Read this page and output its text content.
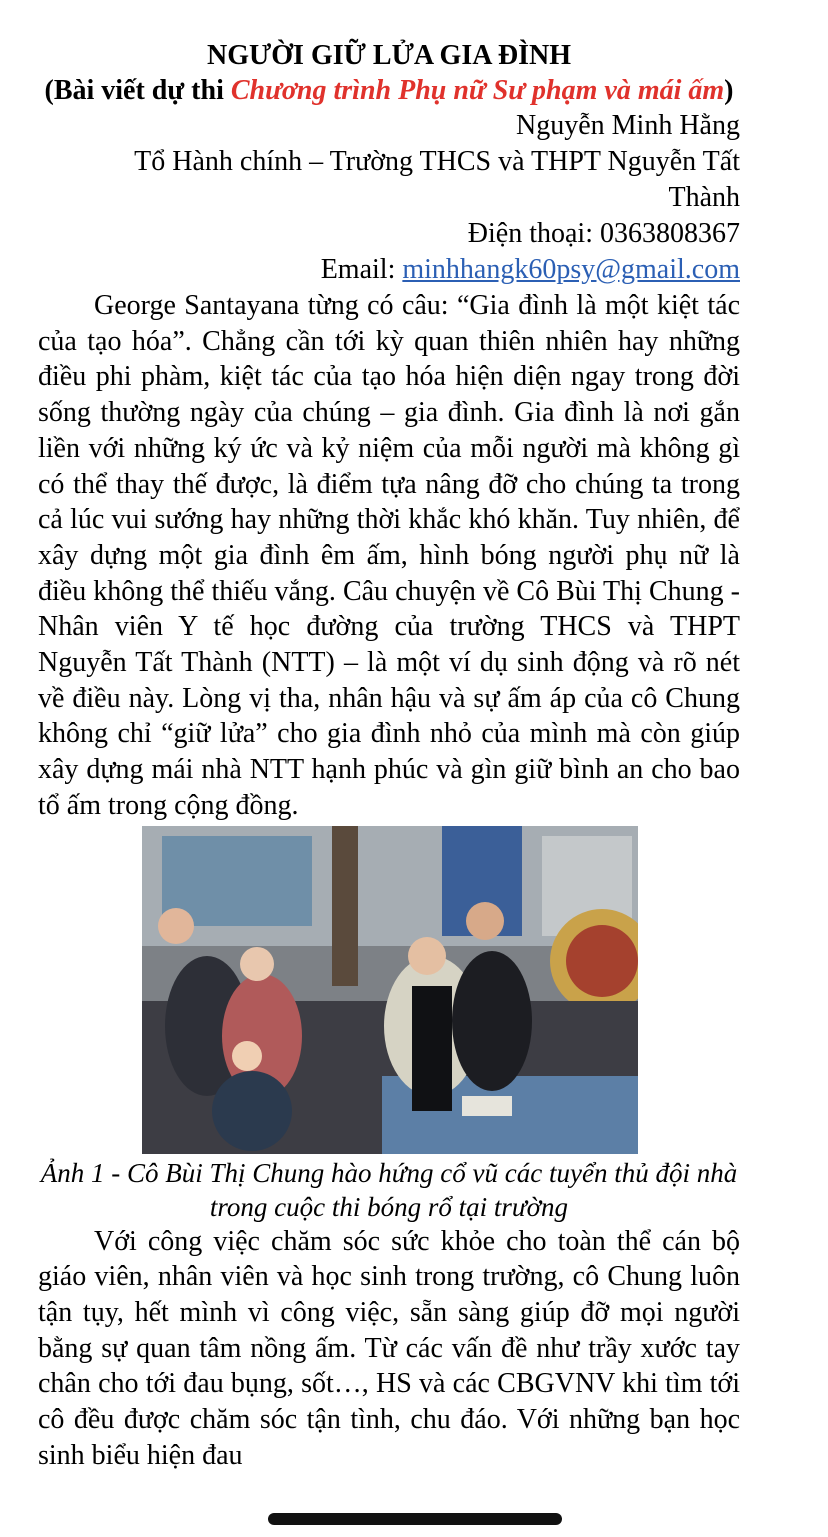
NGƯỜI GIỮ LỬA GIA ĐÌNH
(Bài viết dự thi Chương trình Phụ nữ Sư phạm và mái ấm)
Nguyễn Minh Hằng
Tổ Hành chính – Trường THCS và THPT Nguyễn Tất Thành
Điện thoại: 0363808367
Email: minhhangk60psy@gmail.com

George Santayana từng có câu: “Gia đình là một kiệt tác của tạo hóa”. Chẳng cần tới kỳ quan thiên nhiên hay những điều phi phàm, kiệt tác của tạo hóa hiện diện ngay trong đời sống thường ngày của chúng – gia đình. Gia đình là nơi gắn liền với những ký ức và kỷ niệm của mỗi người mà không gì có thể thay thế được, là điểm tựa nâng đỡ cho chúng ta trong cả lúc vui sướng hay những thời khắc khó khăn. Tuy nhiên, để xây dựng một gia đình êm ấm, hình bóng người phụ nữ là điều không thể thiếu vắng. Câu chuyện về Cô Bùi Thị Chung - Nhân viên Y tế học đường của trường THCS và THPT Nguyễn Tất Thành (NTT) – là một ví dụ sinh động và rõ nét về điều này. Lòng vị tha, nhân hậu và sự ấm áp của cô Chung không chỉ “giữ lửa” cho gia đình nhỏ của mình mà còn giúp xây dựng mái nhà NTT hạnh phúc và gìn giữ bình an cho bao tổ ấm trong cộng đồng.

Ảnh 1 - Cô Bùi Thị Chung hào hứng cổ vũ các tuyển thủ đội nhà trong cuộc thi bóng rổ tại trường

Với công việc chăm sóc sức khỏe cho toàn thể cán bộ giáo viên, nhân viên và học sinh trong trường, cô Chung luôn tận tụy, hết mình vì công việc, sẵn sàng giúp đỡ mọi người bằng sự quan tâm nồng ấm. Từ các vấn đề như trầy xước tay chân cho tới đau bụng, sốt…, HS và các CBGVNV khi tìm tới cô đều được chăm sóc tận tình, chu đáo. Với những bạn học sinh biểu hiện đau
